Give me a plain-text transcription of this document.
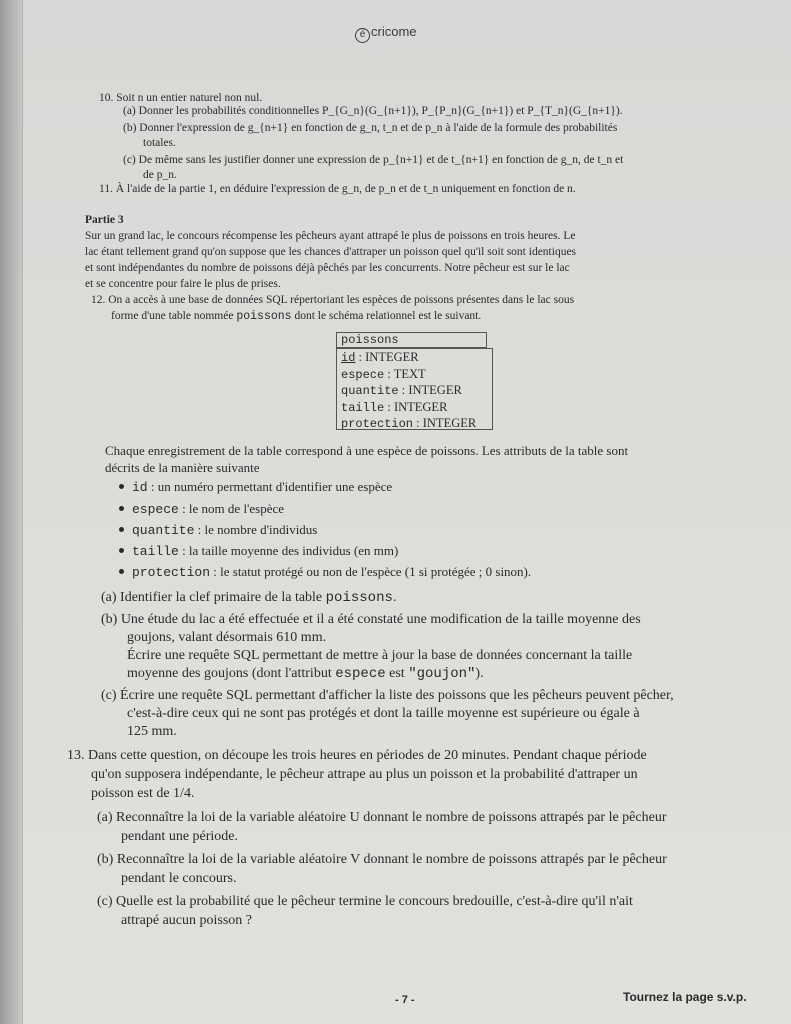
é cricome
10. Soit n un entier naturel non nul.
(a) Donner les probabilités conditionnelles P_{G_n}(G_{n+1}), P_{P_n}(G_{n+1}) et P_{T_n}(G_{n+1}).
(b) Donner l'expression de g_{n+1} en fonction de g_n, t_n et de p_n à l'aide de la formule des probabilités
totales.
(c) De même sans les justifier donner une expression de p_{n+1} et de t_{n+1} en fonction de g_n, de t_n et
de p_n.
11. À l'aide de la partie 1, en déduire l'expression de g_n, de p_n et de t_n uniquement en fonction de n.
Partie 3
Sur un grand lac, le concours récompense les pêcheurs ayant attrapé le plus de poissons en trois heures. Le
lac étant tellement grand qu'on suppose que les chances d'attraper un poisson quel qu'il soit sont identiques
et sont indépendantes du nombre de poissons déjà pêchés par les concurrents. Notre pêcheur est sur le lac
et se concentre pour faire le plus de prises.
12. On a accès à une base de données SQL répertoriant les espèces de poissons présentes dans le lac sous
forme d'une table nommée poissons dont le schéma relationnel est le suivant.
poissons
id : INTEGER
espece : TEXT
quantite : INTEGER
taille : INTEGER
protection : INTEGER
Chaque enregistrement de la table correspond à une espèce de poissons. Les attributs de la table sont
décrits de la manière suivante
id : un numéro permettant d'identifier une espèce
espece : le nom de l'espèce
quantite : le nombre d'individus
taille : la taille moyenne des individus (en mm)
protection : le statut protégé ou non de l'espèce (1 si protégée ; 0 sinon).
(a) Identifier la clef primaire de la table poissons.
(b) Une étude du lac a été effectuée et il a été constaté une modification de la taille moyenne des
goujons, valant désormais 610 mm.
Écrire une requête SQL permettant de mettre à jour la base de données concernant la taille
moyenne des goujons (dont l'attribut espece est "goujon").
(c) Écrire une requête SQL permettant d'afficher la liste des poissons que les pêcheurs peuvent pêcher,
c'est-à-dire ceux qui ne sont pas protégés et dont la taille moyenne est supérieure ou égale à
125 mm.
13. Dans cette question, on découpe les trois heures en périodes de 20 minutes. Pendant chaque période
qu'on supposera indépendante, le pêcheur attrape au plus un poisson et la probabilité d'attraper un
poisson est de 1/4.
(a) Reconnaître la loi de la variable aléatoire U donnant le nombre de poissons attrapés par le pêcheur
pendant une période.
(b) Reconnaître la loi de la variable aléatoire V donnant le nombre de poissons attrapés par le pêcheur
pendant le concours.
(c) Quelle est la probabilité que le pêcheur termine le concours bredouille, c'est-à-dire qu'il n'ait
attrapé aucun poisson ?
- 7 -	Tournez la page s.v.p.
